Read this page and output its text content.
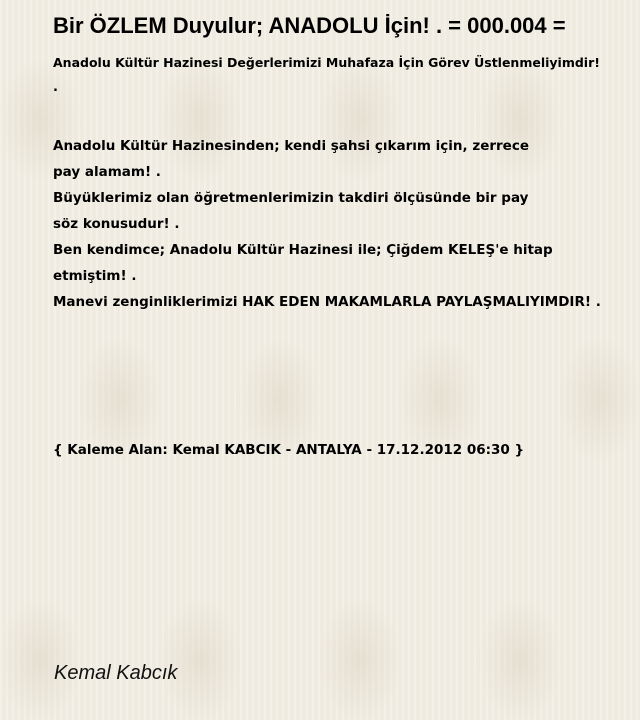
Bir ÖZLEM Duyulur; ANADOLU İçin! . = 000.004 =

Anadolu Kültür Hazinesi Değerlerimizi Muhafaza İçin Görev Üstlenmeliyimdir!

.

Anadolu Kültür Hazinesinden; kendi şahsi çıkarım için, zerrece
pay alamam! .
Büyüklerimiz olan öğretmenlerimizin takdiri ölçüsünde bir pay
söz konusudur! .
Ben kendimce; Anadolu Kültür Hazinesi ile; Çiğdem KELEŞ'e hitap
etmiştim! .
Manevi zenginliklerimizi HAK EDEN MAKAMLARLA PAYLAŞMALIYIMDIR! .

{ Kaleme Alan: Kemal KABCIK - ANTALYA - 17.12.2012 06:30 }

Kemal Kabcık
